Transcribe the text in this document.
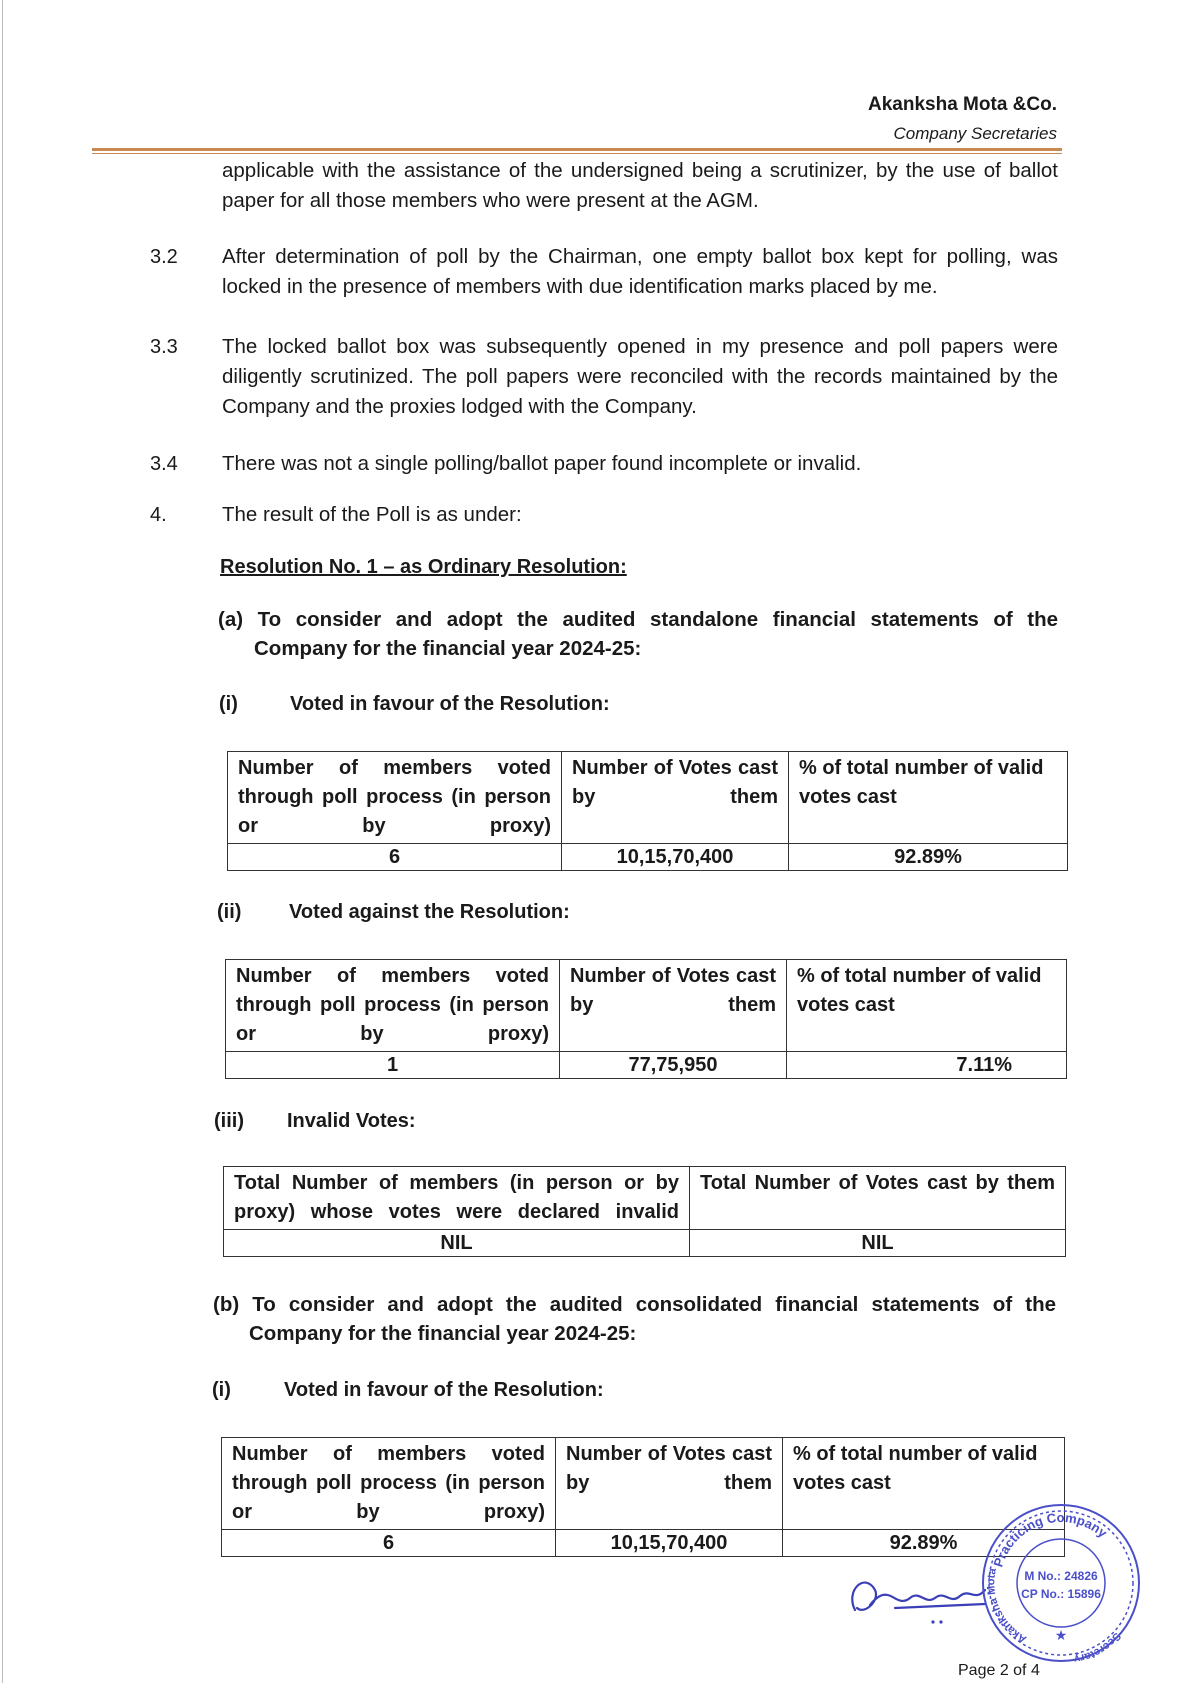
Akanksha Mota &Co.
Company Secretaries
applicable with the assistance of the undersigned being a scrutinizer, by the use of ballot paper for all those members who were present at the AGM.
3.2 After determination of poll by the Chairman, one empty ballot box kept for polling, was locked in the presence of members with due identification marks placed by me.
3.3 The locked ballot box was subsequently opened in my presence and poll papers were diligently scrutinized. The poll papers were reconciled with the records maintained by the Company and the proxies lodged with the Company.
3.4 There was not a single polling/ballot paper found incomplete or invalid.
4.	The result of the Poll is as under:
Resolution No. 1 – as Ordinary Resolution:
(a) To consider and adopt the audited standalone financial statements of the Company for the financial year 2024-25:
(i)	Voted in favour of the Resolution:
Number of members voted through poll process (in person or by proxy)	Number of Votes cast by them	% of total number of valid votes cast
6	10,15,70,400	92.89%
(ii) Voted against the Resolution:
Number of members voted through poll process (in person or by proxy)	Number of Votes cast by them	% of total number of valid votes cast
1	77,75,950	7.11%
(iii) Invalid Votes:
Total Number of members (in person or by proxy) whose votes were declared invalid	Total Number of Votes cast by them
NIL	NIL
(b) To consider and adopt the audited consolidated financial statements of the Company for the financial year 2024-25:
(i)	Voted in favour of the Resolution:
Number of members voted through poll process (in person or by proxy)	Number of Votes cast by them	% of total number of valid votes cast
6	10,15,70,400	92.89%
Practicing Company
Akanksha Mota
Secretary
M No.: 24826
CP No.: 15896
★
Page 2 of 4
